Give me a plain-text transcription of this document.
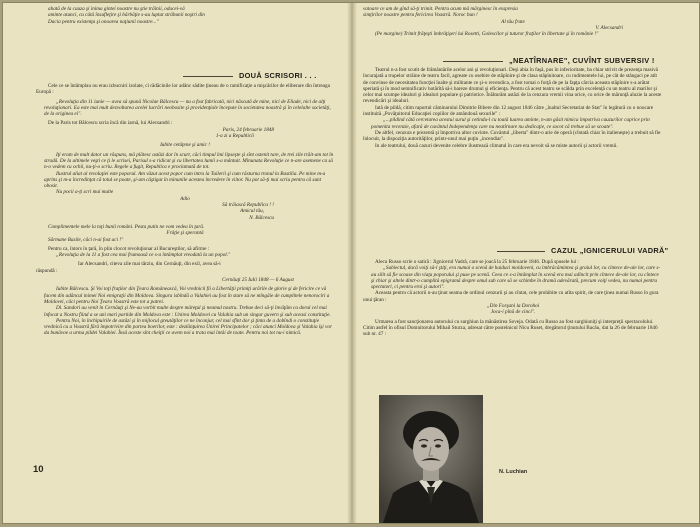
abată de la cauza şi inima gintei noastre nu ştie trăinii, oducei-vă

aminte atunci, cu câtă însufleţire şi bărbăţie s-au luptat străbunii noştri din

Dacia pentru existenţa şi onoarea naţiunii noastre..."

DOUĂ SCRISORI . . .

Cele ce se întâmplau nu erau izbucniri izolate, ci rădăcinile lor adânc sădite ţineau de o ramificaţie a mişcărilor de eliberare din întreaga Europă :

„Revoluţia din 11 iunie — avea să spună Nicolae Bălcescu — nu a fost fabricată, nici născută de mine, nici de Eliade, nici de alţi revoluţionari. Ea este mai mult dezvoltarea acelei lucrări neobosite şi providenţiale începute în societatea noastră şi în celelalte societăţi, de la originea ei".

De la Paris tot Bălcescu scria încă din iarnă, lui Alecsandri :

Paris, 24 februarie 1848

1-a zi a Republicii

Iubite cetăţene şi amic !

Iţi eram de mult dator un răspuns, mă plătesc astăzi dar în scurt, căci timpul îmi lipseşte şi sînt ostenit tare, de trei zile trăit-am tot în stradă. De la ultimele veşti ce ţi le scrisei, Parisul s-a ridicat şi cu libertatea lumii s-a mântuit. Minunata Revoluţie ce n-are asemene ca să n-o vedem cu ochii, nu-ţi-o scriu. Regele a fugit, Republica e proclamată de tot.

Ilustrul aliat al revoluţiei este poporul. Am văzut acest popor cum intra la Tuilerii şi cum răsturna tronul la Bastilia. Pe mine m-a aprins şi m-a încredinţat că totul se poate, şi-am câştigat în minunile acestea încredere în viitor. Nu pot să-ţi mai scriu pentru că sunt obosit.

Nu pocii a-ţi scri mai multe

Adio

Să trăiască Republica ! !

Amicul tău,

N. Bălcescu

Complimentele mele la toţi bunii români. Pesta putin ne vom vedea în ţară.

Frăţie şi sperantă

Sărmane Basile, căci n-ai fost aci !"

Pentru ca, întors în ţară, în plin clocot revoluţionar al Bucureştilor, să afirme :

„Revoluţia de la 11 a fost cea mai frumoasă ce s-a întâmplat vreodată la un popol."

Iar Alecsandri, citeva zile mai târziu, din Cernăuţi, din exil, avea să-i

răspundă :

Cernăuţi 25 Iulii 1848 — 6 August

Iubite Bălcescu. Şi Voi toţi fraţilor din Ţeara Românească, Voi vrednicii fii a Libertăţii primiţi urările de glorie şi de fericire ce vă facem din adâncul inimei Noi emigraţii din Moldova. Singura isbîndă a Valahiei au fost în stare să ne mîngăie de cumplitele nenorociri a Moldovei, căci pentru Noi Ţeara Voastră este tot a patrei.

Dl. Sandori au venit în Cernăuţi şi Ne-au vorbit multe despre măreţul şi neamul nostru. Trebue deci să-ţi învăţăm ca dorul cel mai înfocat a Nostru fiind a se uni mari partide din Moldova este : Unirea Moldovei cu Valahia sub un singur guvern şi sub aceasi constituţie.

Pentru Noi, în închipuirile de astăzi şi în mijlocul greutăţilor ce ne înconjur, cel mai sfînt dor şi ţinta de a dobîndi o constituţie vrednică cu a Voastră fără împotrivire din partea boerilor, este : dezlănţuirea Unirei Principatelor ; căci atunci Moldova şi Valahia îşi vor da bunăvoe a urma pildei Valahiei. Însă aceste sînt cheiţii ce avem noi a trata mai întâi de toate. Pentru noi tot nu-i nimică.

10

vatoare ce am de gînd să-ţi trimit. Pentru acum mă mărginesc în exspresia

simţirilor noastre pentru fericirea Voastră. Noroc bun !

Al tău frate

V. Alecsandri

(Pe margine) Trimit frăţeşti îmbrăţişeri lui Rosetti, Golescilor şi tuturor fraţilor în libertate şi în românie !"

„NEATÎRNARE", CUVÎNT SUBVERSIV !

Teatrul n-a fost scutit de frământările acelor ani şi revoluţionari. Deşi abia în faşă, pus în inferioritate, ba chiar strivit de prezenţa masivă încurajată a trupelor străine de teatru facil, agreate cu osebire de stăpînire şi de clasa stăpînitoare, cu rudimentele lui, pe cât de stângaci pe atît de convinse de necesitatea funcţiei înalte şi militante ce şi-o revendica, a fost tomai o forţă de pe la fapţa cărcia aceasta stăpînire s-a arătat speriată şi în mod semnificativ hotărîtă să-i bareze drumul şi eficienţa. Pentru că acest teatru se scâlda prin excelenţă cu un teatru al marilor şi celor mai scumpe idealuri şi idealuri populare şi patriotice. Înlăturăm astăzi de la cenzura vremii vina orice, cu orice de mărunţă aluzie la aceste revendicări şi idealuri.

Iată de pildă, citim raportul căminarului Dimitrie Bibere din 12 august 1846 către „înaltul Secretariat de Stat" în legătură cu o noucare instituită „Povăţuitorul Educaţiei copiilor de amândouă sexurile" :

„...pildind câtă cercetarea acestui surul şi cetindu-l cu toată luarea aminte, n-am găsit nimica împotriva cauzurilor caprice prin pomenita recenzie, afară de cuvântul Independenţa care nu neatîrnare nu dedicaţie, ce socot că trebue să se scoate".

De altfel, cenzura e prezentă şi împotriva altor cuvinte. Cuvântul „liberta" dintr-o arie de operă (cîntată chiar în italieneşte) a trebuit să fie înlocuit, la dispoziţia autorităţilor, printr-unul mai puţin „incendiar".

In ale teatrului, două cazuri devenite celebre ilustrează climatul în care era nevoit să se miste autorii şi actorii vremii.

CAZUL „IGNICERULUI VADRĂ"

Alecu Russo scrie o satiră : Jignicerul Vadră, care se joacă la 25 februarie 1846. După spusele lui :

„Subiectul, dacă voiţi să-l ştiţi, era numai o scenă de haiduci moldoveni, cu îmbrăcămintea şi graiul lor, cu cîntece de-ale lor, care s-au silit să fie scoase din viaţa poporului şi puse pe scenă. Ceea ce s-a întâmplat în scenă era mai adîncit prin cîntece de-ale lor, cu cîntece şi chiar şi altele dintr-o cumplită epigramă despre omul sub care să se schimbe în dramă adevărată, precum voiţi vedea, nu numai pentru spectatori, ci pentru eroi şi autori".

Aceasta pentru că actorii n-au ţinut seama de ordinul cenzurii şi au cîntat, cele prohibite cu atîta spirit, de care ţinea numai Russo în gura unui ţăran :

„Din Forşani la Dorohoi

Joca-i pînă de cinci".

Urmarea a fost sancţionarea autorului cu surghiun la mănăstirea Soveja. Odată cu Russo au fost surghiuniţi şi interpreţii spectacolului. Citim astfel în ofisul Domnitorului Mihail Sturza, adresat către postelnicul Nicu Ruset, dregătorul ţinutului Bacău, dat la 26 de februarie 1846 sub nr. 47 :

N. Luchian
